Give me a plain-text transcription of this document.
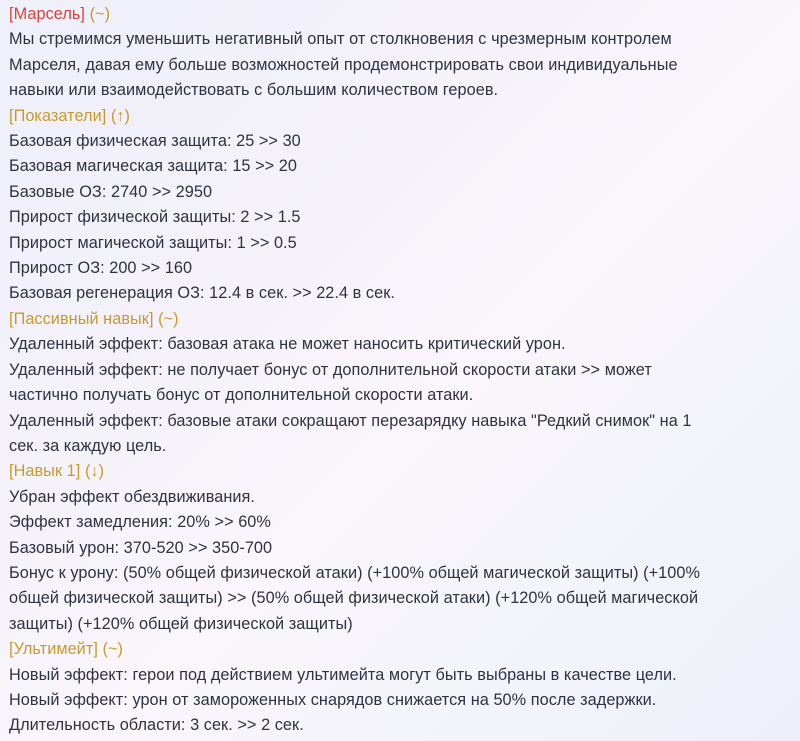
[Марсель] (~)
Мы стремимся уменьшить негативный опыт от столкновения с чрезмерным контролем
Марселя, давая ему больше возможностей продемонстрировать свои индивидуальные
навыки или взаимодействовать с большим количеством героев.
[Показатели] (↑)
Базовая физическая защита: 25 >> 30
Базовая магическая защита: 15 >> 20
Базовые ОЗ: 2740 >> 2950
Прирост физической защиты: 2 >> 1.5
Прирост магической защиты: 1 >> 0.5
Прирост ОЗ: 200 >> 160
Базовая регенерация ОЗ: 12.4 в сек. >> 22.4 в сек.
[Пассивный навык] (~)
Удаленный эффект: базовая атака не может наносить критический урон.
Удаленный эффект: не получает бонус от дополнительной скорости атаки >> может
частично получать бонус от дополнительной скорости атаки.
Удаленный эффект: базовые атаки сокращают перезарядку навыка "Редкий снимок" на 1
сек. за каждую цель.
[Навык 1] (↓)
Убран эффект обездвиживания.
Эффект замедления: 20% >> 60%
Базовый урон: 370-520 >> 350-700
Бонус к урону: (50% общей физической атаки) (+100% общей магической защиты) (+100%
общей физической защиты) >> (50% общей физической атаки) (+120% общей магической
защиты) (+120% общей физической защиты)
[Ультимейт] (~)
Новый эффект: герои под действием ультимейта могут быть выбраны в качестве цели.
Новый эффект: урон от замороженных снарядов снижается на 50% после задержки.
Длительность области: 3 сек. >> 2 сек.
